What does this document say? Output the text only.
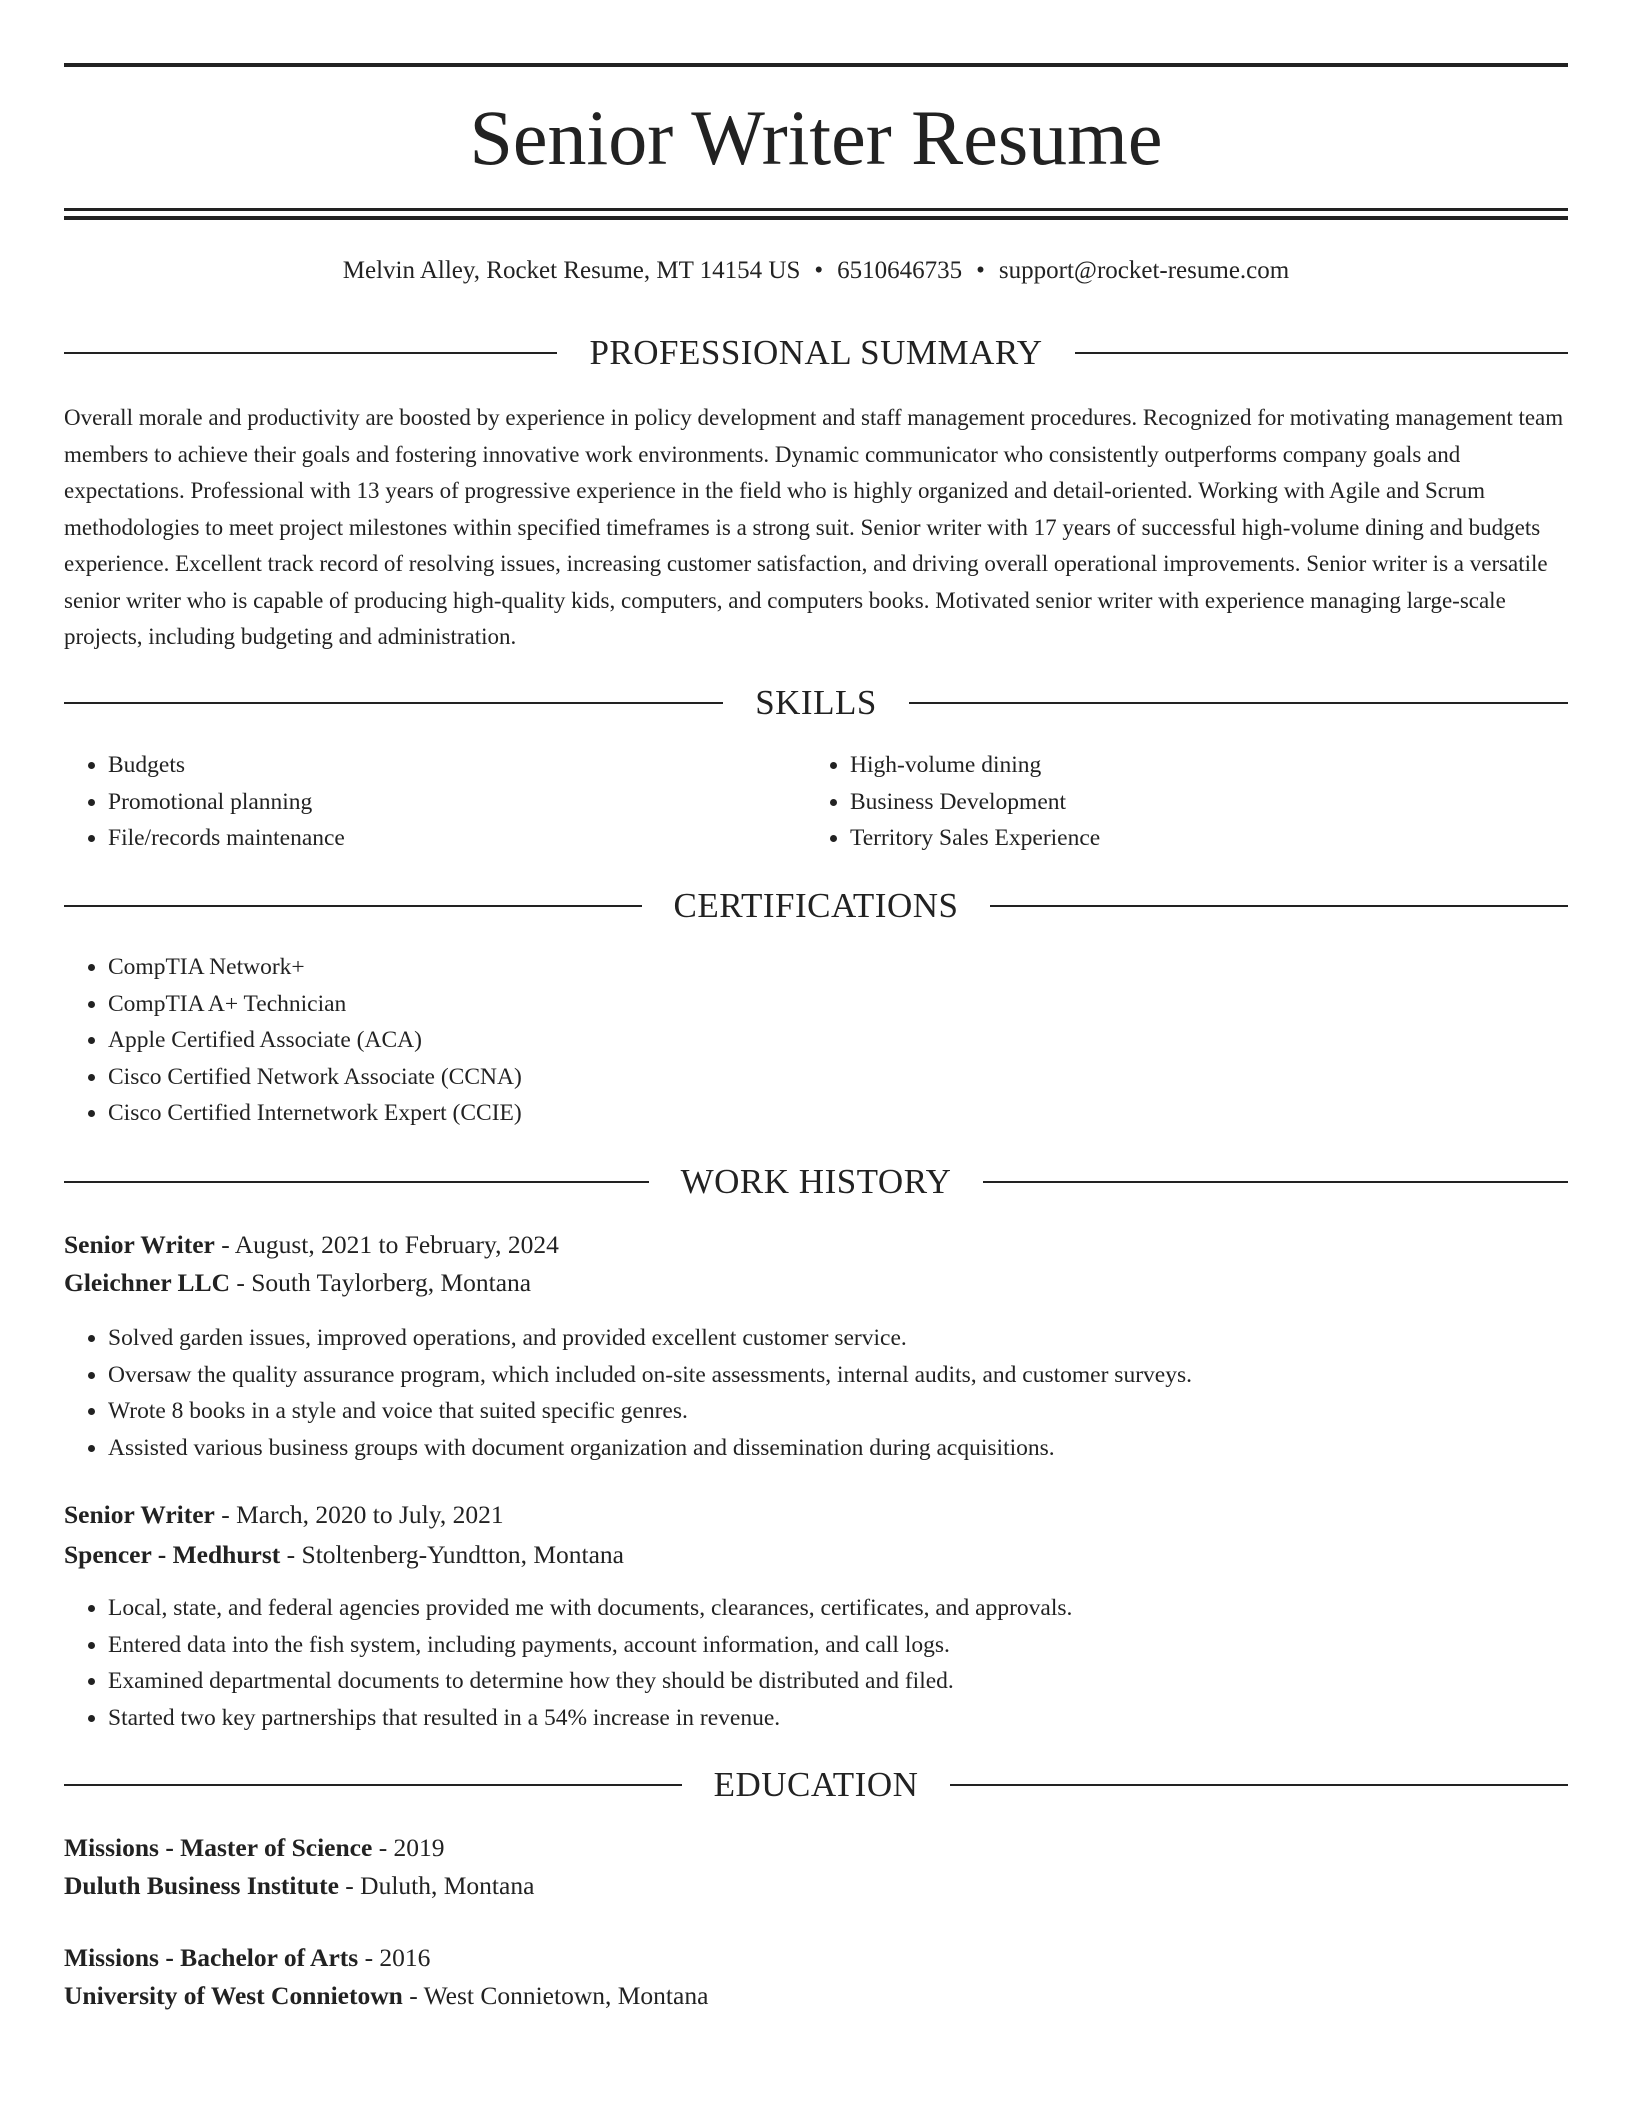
Senior Writer Resume
Melvin Alley, Rocket Resume, MT 14154 US • 6510646735 • support@rocket-resume.com
PROFESSIONAL SUMMARY

Overall morale and productivity are boosted by experience in policy development and staff management procedures. Recognized for motivating management team members to achieve their goals and fostering innovative work environments. Dynamic communicator who consistently outperforms company goals and expectations. Professional with 13 years of progressive experience in the field who is highly organized and detail-oriented. Working with Agile and Scrum methodologies to meet project milestones within specified timeframes is a strong suit. Senior writer with 17 years of successful high-volume dining and budgets experience. Excellent track record of resolving issues, increasing customer satisfaction, and driving overall operational improvements. Senior writer is a versatile senior writer who is capable of producing high-quality kids, computers, and computers books. Motivated senior writer with experience managing large-scale projects, including budgeting and administration.

SKILLS
• Budgets
• Promotional planning
• File/records maintenance
• High-volume dining
• Business Development
• Territory Sales Experience
CERTIFICATIONS
• CompTIA Network+
• CompTIA A+ Technician
• Apple Certified Associate (ACA)
• Cisco Certified Network Associate (CCNA)
• Cisco Certified Internetwork Expert (CCIE)
WORK HISTORY
Senior Writer - August, 2021 to February, 2024
Gleichner LLC - South Taylorberg, Montana
• Solved garden issues, improved operations, and provided excellent customer service.
• Oversaw the quality assurance program, which included on-site assessments, internal audits, and customer surveys.
• Wrote 8 books in a style and voice that suited specific genres.
• Assisted various business groups with document organization and dissemination during acquisitions.
Senior Writer - March, 2020 to July, 2021
Spencer - Medhurst - Stoltenberg-Yundtton, Montana
• Local, state, and federal agencies provided me with documents, clearances, certificates, and approvals.
• Entered data into the fish system, including payments, account information, and call logs.
• Examined departmental documents to determine how they should be distributed and filed.
• Started two key partnerships that resulted in a 54% increase in revenue.
EDUCATION
Missions - Master of Science - 2019
Duluth Business Institute - Duluth, Montana
Missions - Bachelor of Arts - 2016
University of West Connietown - West Connietown, Montana
